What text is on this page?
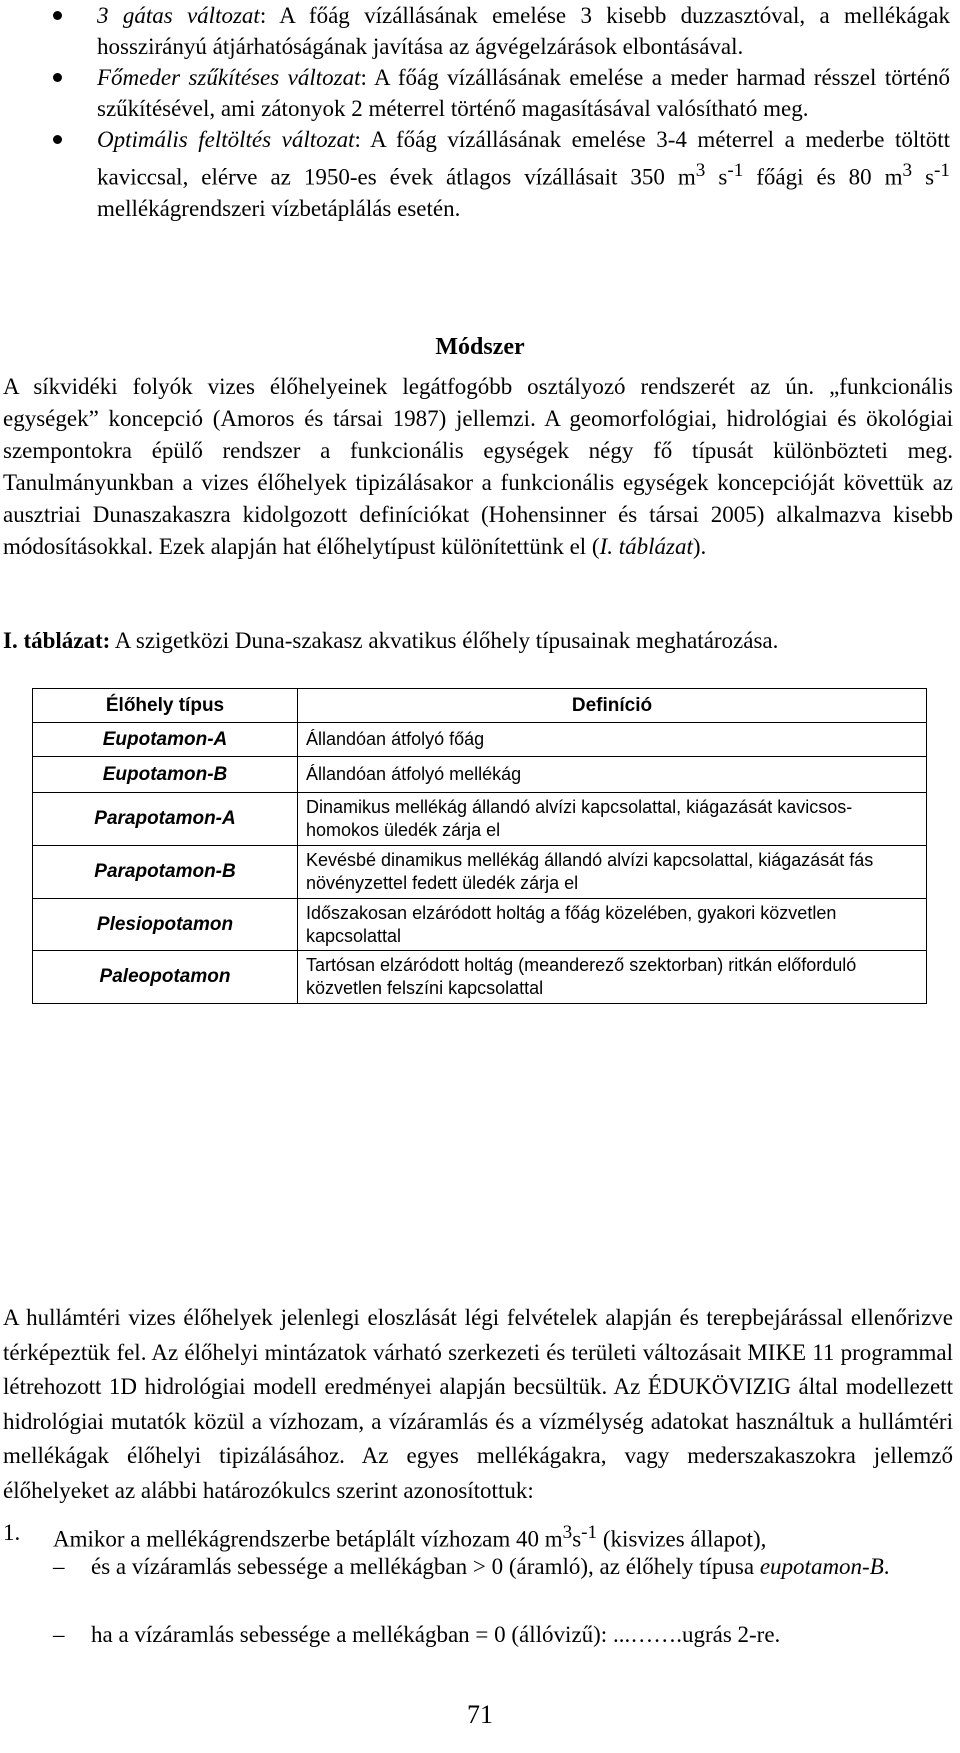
3 gátas változat: A főág vízállásának emelése 3 kisebb duzzasztóval, a mellékágak hosszirányú átjárhatóságának javítása az ágvégelzárások elbontásával.

Főmeder szűkítéses változat: A főág vízállásának emelése a meder harmad résszel történő szűkítésével, ami zátonyok 2 méterrel történő magasításával valósítható meg.

Optimális feltöltés változat: A főág vízállásának emelése 3-4 méterrel a mederbe töltött kaviccsal, elérve az 1950-es évek átlagos vízállásait 350 $m^3$ $s^{-1}$ főági és 80 $m^3$ $s^{-1}$ mellékágrendszeri vízbetáplálás esetén.

Módszer

A síkvidéki folyók vizes élőhelyeinek legátfogóbb osztályozó rendszerét az ún. „funkcionális egységek” koncepció (Amoros és társai 1987) jellemzi. A geomorfológiai, hidrológiai és ökológiai szempontokra épülő rendszer a funkcionális egységek négy fő típusát különbözteti meg. Tanulmányunkban a vizes élőhelyek tipizálásakor a funkcionális egységek koncepcióját követtük az ausztriai Dunaszakaszra kidolgozott definíciókat (Hohensinner és társai 2005) alkalmazva kisebb módosításokkal. Ezek alapján hat élőhelytípust különítettünk el (I. táblázat).

I. táblázat: A szigetközi Duna-szakasz akvatikus élőhely típusainak meghatározása.

Élőhely típus	Definíció
Eupotamon-A	Állandóan átfolyó főág
Eupotamon-B	Állandóan átfolyó mellékág
Parapotamon-A	Dinamikus mellékág állandó alvízi kapcsolattal, kiágazását kavicsos-homokos üledék zárja el
Parapotamon-B	Kevésbé dinamikus mellékág állandó alvízi kapcsolattal, kiágazását fás növényzettel fedett üledék zárja el
Plesiopotamon	Időszakosan elzáródott holtág a főág közelében, gyakori közvetlen kapcsolattal
Paleopotamon	Tartósan elzáródott holtág (meanderező szektorban) ritkán előforduló közvetlen felszíni kapcsolattal

A hullámtéri vizes élőhelyek jelenlegi eloszlását légi felvételek alapján és terepbejárással ellenőrizve térképeztük fel. Az élőhelyi mintázatok várható szerkezeti és területi változásait MIKE 11 programmal létrehozott 1D hidrológiai modell eredményei alapján becsültük. Az ÉDUKÖVIZIG által modellezett hidrológiai mutatók közül a vízhozam, a vízáramlás és a vízmélység adatokat használtuk a hullámtéri mellékágak élőhelyi tipizálásához. Az egyes mellékágakra, vagy mederszakaszokra jellemző élőhelyeket az alábbi határozókulcs szerint azonosítottuk:

1. Amikor a mellékágrendszerbe betáplált vízhozam 40 $m^3s^{-1}$ (kisvizes állapot),
– és a vízáramlás sebessége a mellékágban > 0 (áramló), az élőhely típusa eupotamon-B.
– ha a vízáramlás sebessége a mellékágban = 0 (állóvizű): ...…….ugrás 2-re.
71
